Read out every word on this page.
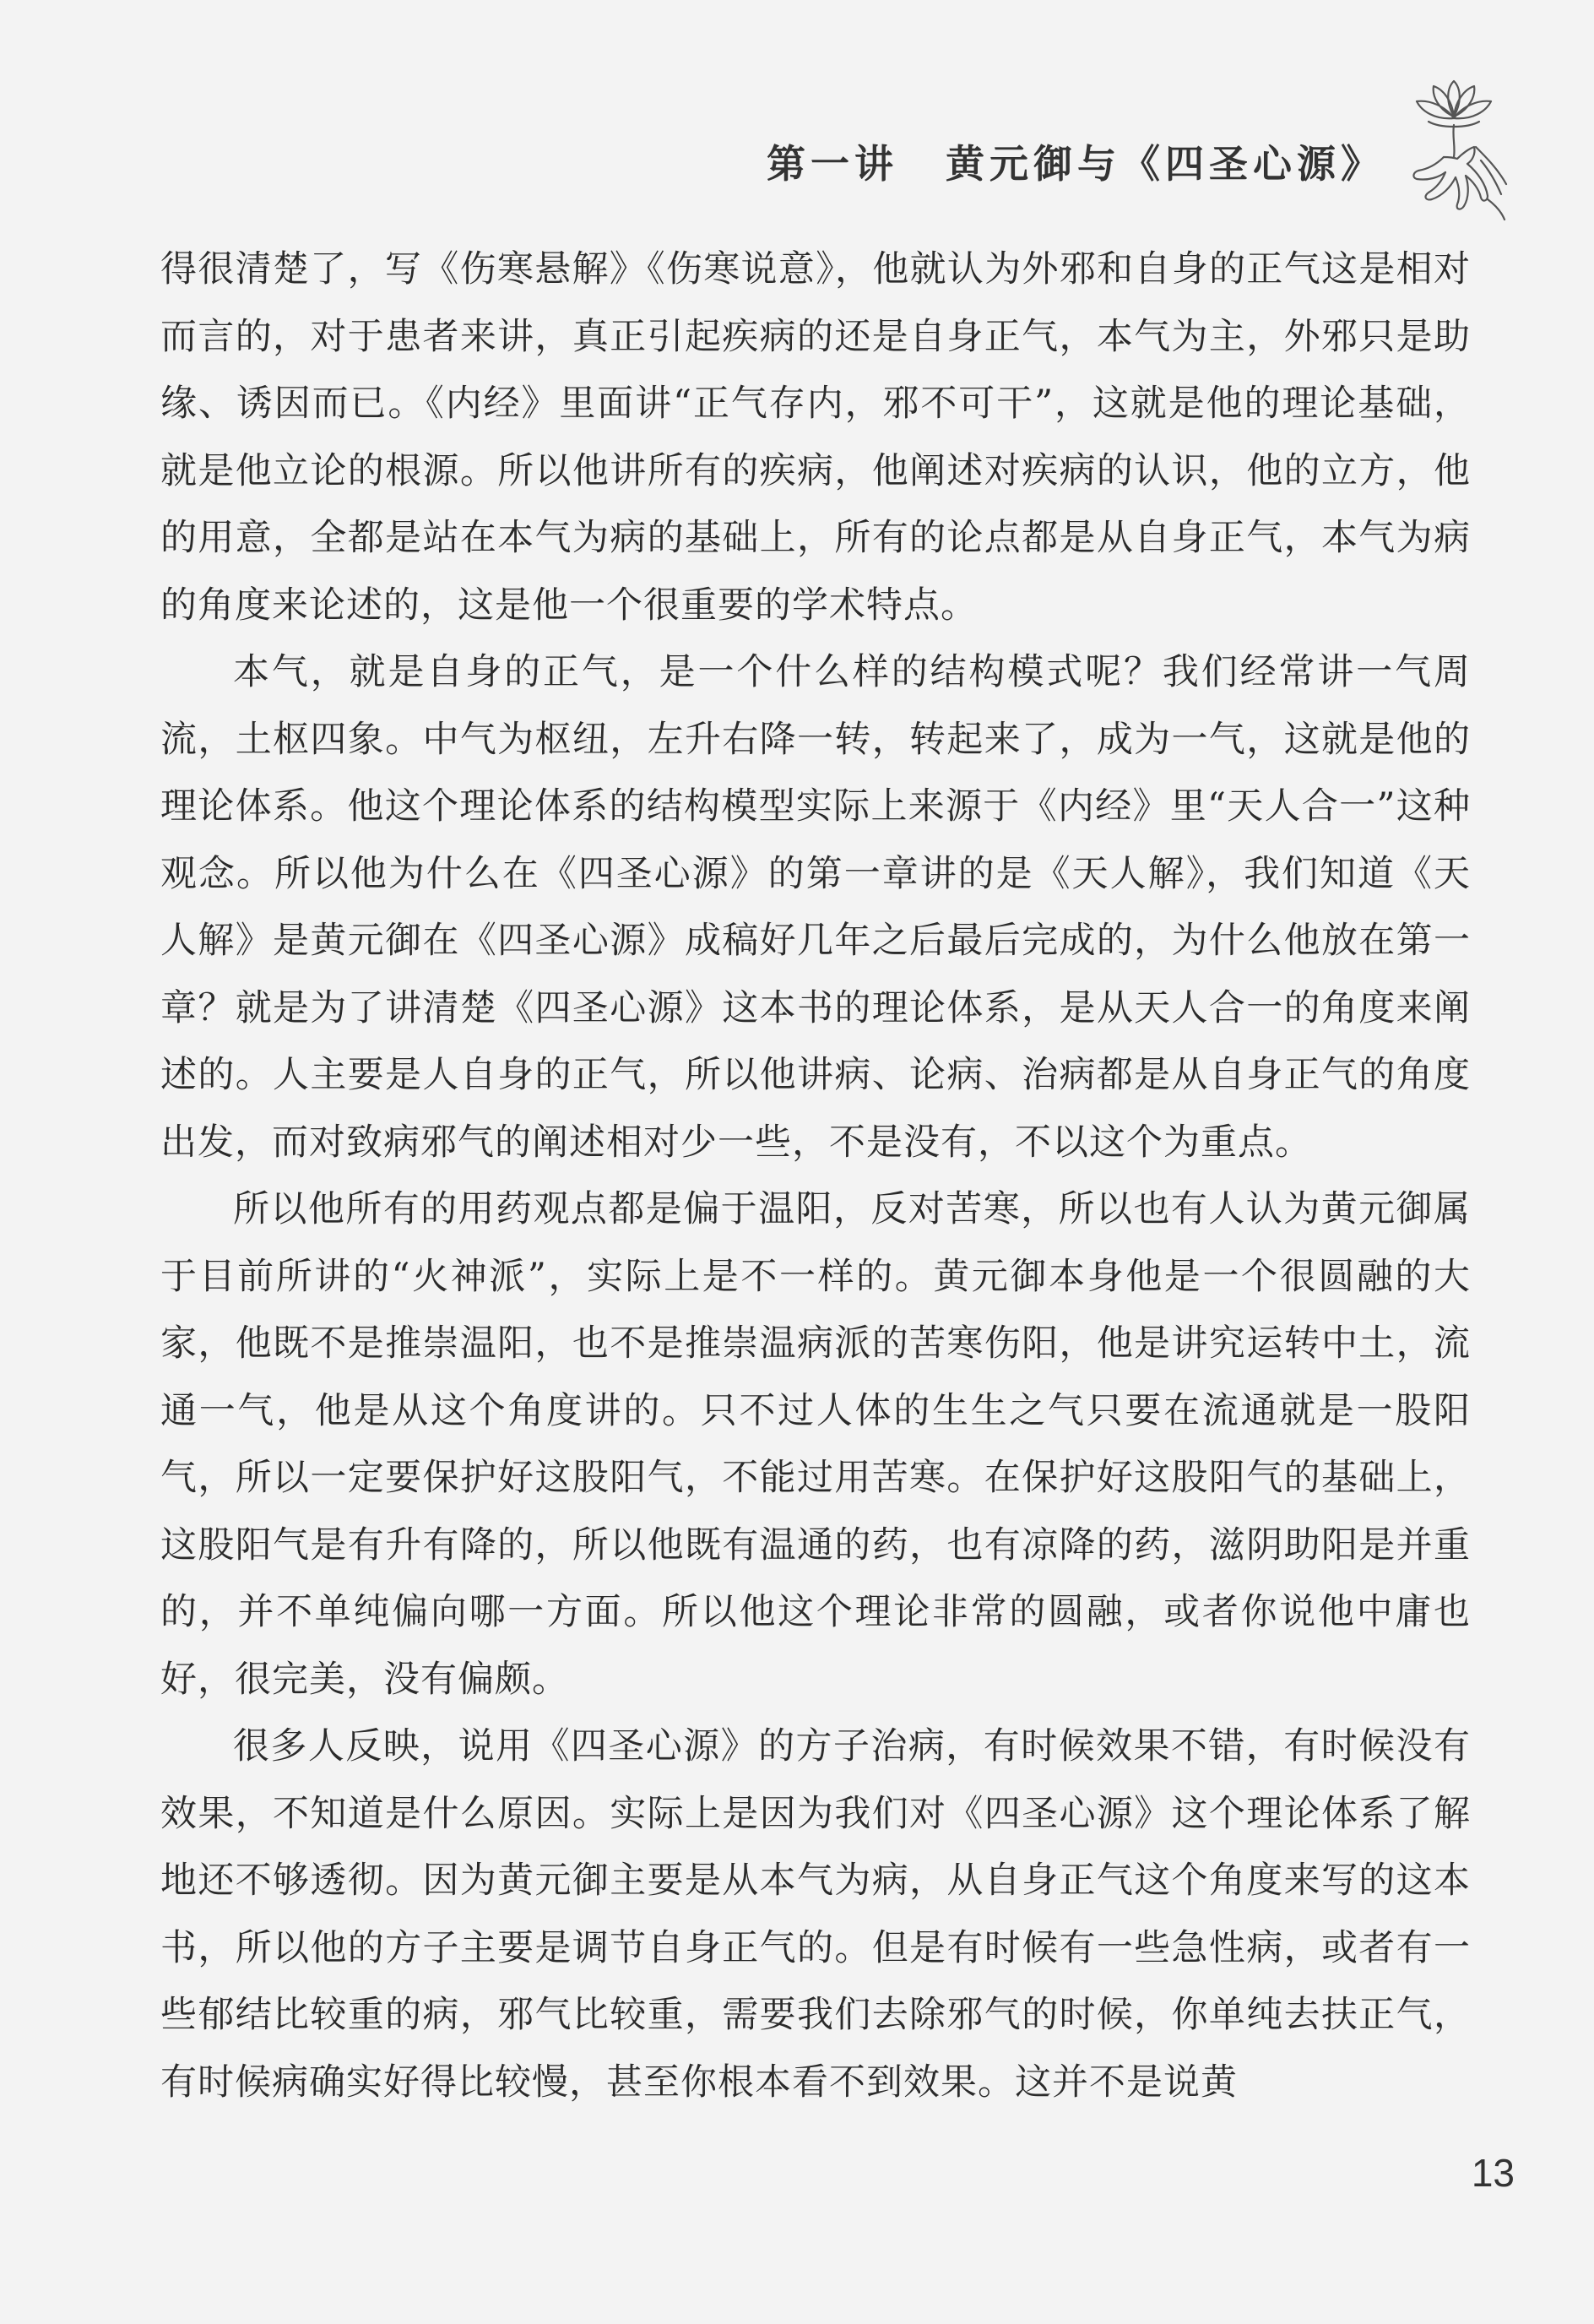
第一讲 黄元御与《四圣心源》

得很清楚了，写《伤寒悬解》《伤寒说意》，他就认为外邪和自身的正气这是相对而言的，对于患者来讲，真正引起疾病的还是自身正气，本气为主，外邪只是助缘、诱因而已。《内经》里面讲“正气存内，邪不可干”，这就是他的理论基础，就是他立论的根源。所以他讲所有的疾病，他阐述对疾病的认识，他的立方，他的用意，全都是站在本气为病的基础上，所有的论点都是从自身正气，本气为病的角度来论述的，这是他一个很重要的学术特点。

本气，就是自身的正气，是一个什么样的结构模式呢？我们经常讲一气周流，土枢四象。中气为枢纽，左升右降一转，转起来了，成为一气，这就是他的理论体系。他这个理论体系的结构模型实际上来源于《内经》里“天人合一”这种观念。所以他为什么在《四圣心源》的第一章讲的是《天人解》，我们知道《天人解》是黄元御在《四圣心源》成稿好几年之后最后完成的，为什么他放在第一章？就是为了讲清楚《四圣心源》这本书的理论体系，是从天人合一的角度来阐述的。人主要是人自身的正气，所以他讲病、论病、治病都是从自身正气的角度出发，而对致病邪气的阐述相对少一些，不是没有，不以这个为重点。

所以他所有的用药观点都是偏于温阳，反对苦寒，所以也有人认为黄元御属于目前所讲的“火神派”，实际上是不一样的。黄元御本身他是一个很圆融的大家，他既不是推崇温阳，也不是推崇温病派的苦寒伤阳，他是讲究运转中土，流通一气，他是从这个角度讲的。只不过人体的生生之气只要在流通就是一股阳气，所以一定要保护好这股阳气，不能过用苦寒。在保护好这股阳气的基础上，这股阳气是有升有降的，所以他既有温通的药，也有凉降的药，滋阴助阳是并重的，并不单纯偏向哪一方面。所以他这个理论非常的圆融，或者你说他中庸也好，很完美，没有偏颇。

很多人反映，说用《四圣心源》的方子治病，有时候效果不错，有时候没有效果，不知道是什么原因。实际上是因为我们对《四圣心源》这个理论体系了解地还不够透彻。因为黄元御主要是从本气为病，从自身正气这个角度来写的这本书，所以他的方子主要是调节自身正气的。但是有时候有一些急性病，或者有一些郁结比较重的病，邪气比较重，需要我们去除邪气的时候，你单纯去扶正气，有时候病确实好得比较慢，甚至你根本看不到效果。这并不是说黄

13
